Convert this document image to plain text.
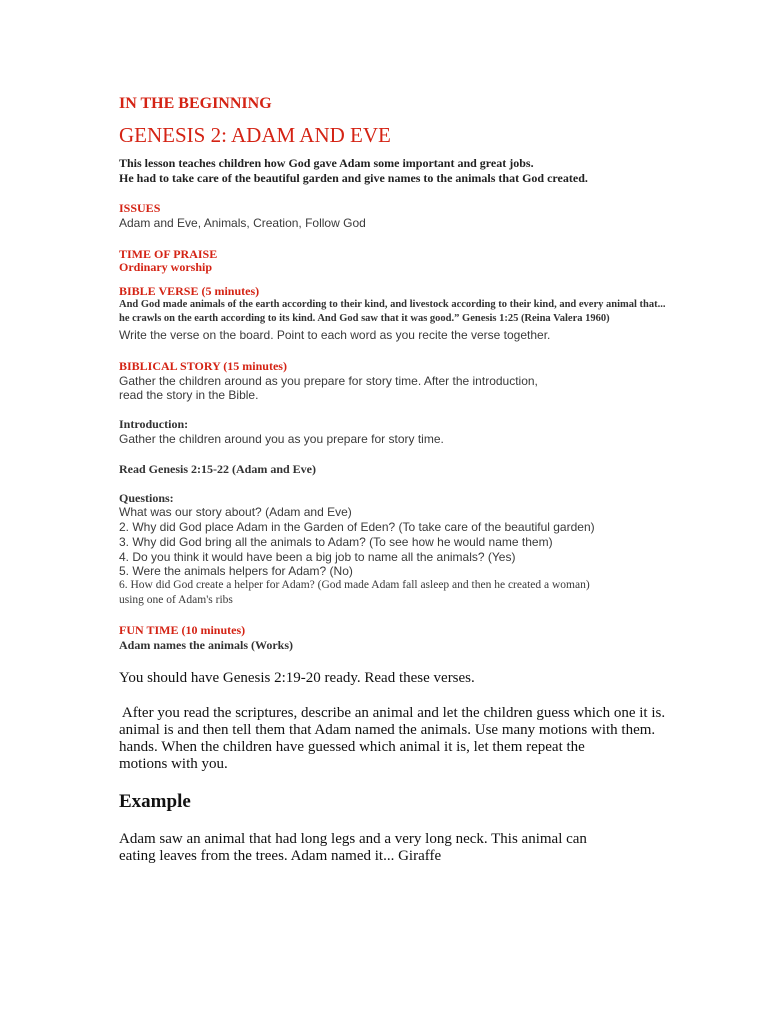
IN THE BEGINNING

GENESIS 2: ADAM AND EVE

This lesson teaches children how God gave Adam some important and great jobs.

He had to take care of the beautiful garden and give names to the animals that God created.

ISSUES

Adam and Eve, Animals, Creation, Follow God

TIME OF PRAISE

Ordinary worship

BIBLE VERSE (5 minutes)

And God made animals of the earth according to their kind, and livestock according to their kind, and every animal that...

he crawls on the earth according to its kind. And God saw that it was good.” Genesis 1:25 (Reina Valera 1960)

Write the verse on the board. Point to each word as you recite the verse together.

BIBLICAL STORY (15 minutes)

Gather the children around as you prepare for story time. After the introduction,

read the story in the Bible.

Introduction:

Gather the children around you as you prepare for story time.

Read Genesis 2:15-22 (Adam and Eve)

Questions:

What was our story about? (Adam and Eve)

2. Why did God place Adam in the Garden of Eden? (To take care of the beautiful garden)

3. Why did God bring all the animals to Adam? (To see how he would name them)

4. Do you think it would have been a big job to name all the animals? (Yes)

5. Were the animals helpers for Adam? (No)

6. How did God create a helper for Adam? (God made Adam fall asleep and then he created a woman)

using one of Adam's ribs

FUN TIME (10 minutes)

Adam names the animals (Works)

You should have Genesis 2:19-20 ready. Read these verses.

After you read the scriptures, describe an animal and let the children guess which one it is.

animal is and then tell them that Adam named the animals. Use many motions with them.

hands. When the children have guessed which animal it is, let them repeat the

motions with you.

Example

Adam saw an animal that had long legs and a very long neck. This animal can

eating leaves from the trees. Adam named it... Giraffe
